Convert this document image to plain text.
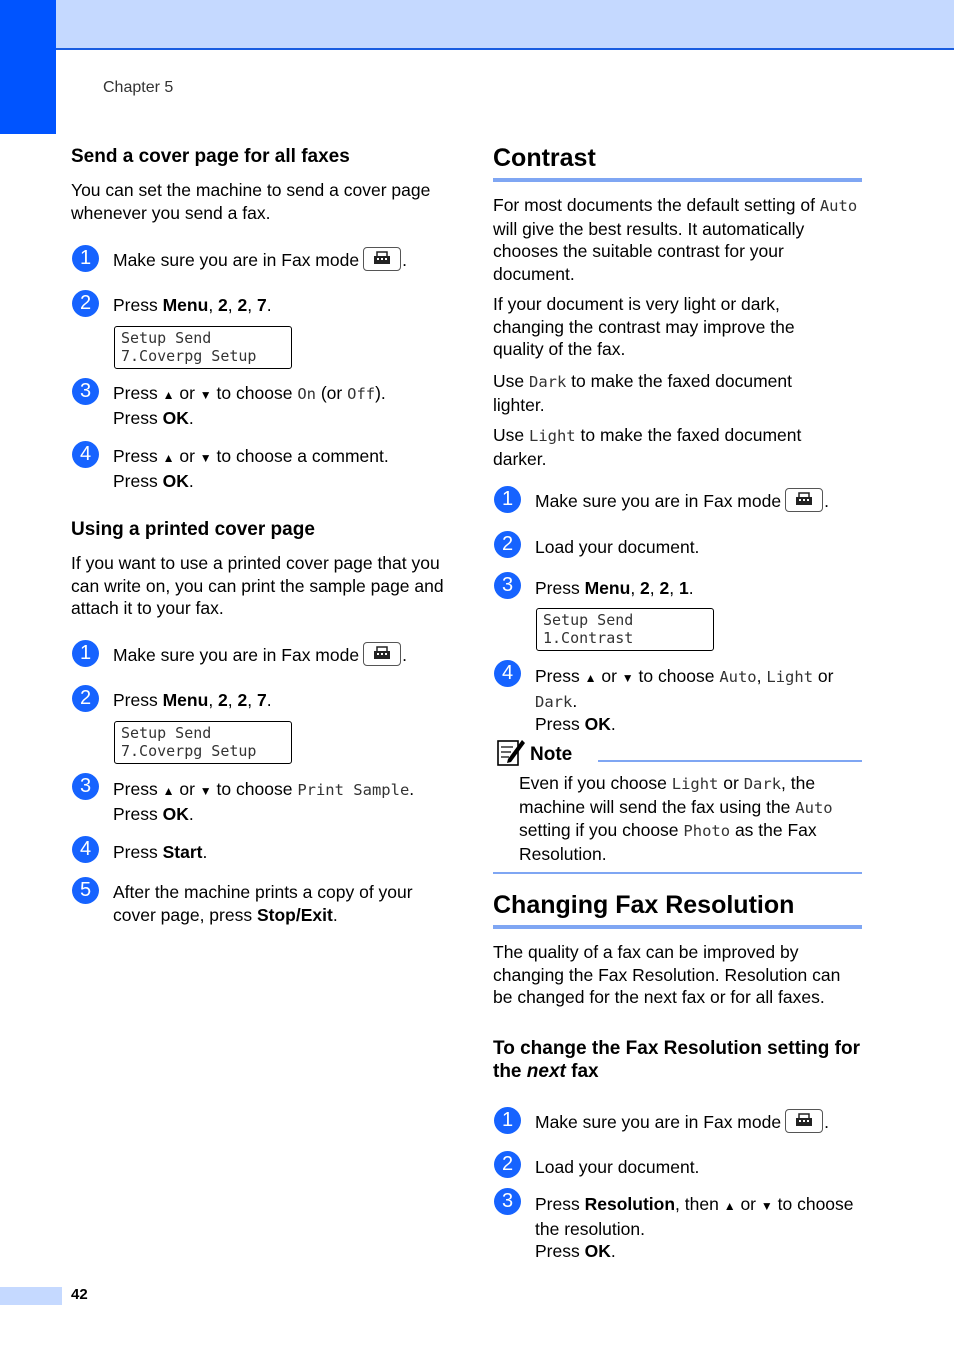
Chapter 5
42
Send a cover page for all faxes
You can set the machine to send a cover page whenever you send a fax.
1	Make sure you are in Fax mode .
2	Press Menu, 2, 2, 7.
Setup Send
7.Coverpg Setup
3	Press ▲ or ▼ to choose On (or Off).
Press OK.
4	Press ▲ or ▼ to choose a comment.
Press OK.
Using a printed cover page
If you want to use a printed cover page that you can write on, you can print the sample page and attach it to your fax.
1	Make sure you are in Fax mode .
2	Press Menu, 2, 2, 7.
Setup Send
7.Coverpg Setup
3	Press ▲ or ▼ to choose Print Sample.
Press OK.
4	Press Start.
5	After the machine prints a copy of your cover page, press Stop/Exit.
Contrast
For most documents the default setting of Auto will give the best results. It automatically chooses the suitable contrast for your document.
If your document is very light or dark, changing the contrast may improve the quality of the fax.
Use Dark to make the faxed document lighter.
Use Light to make the faxed document darker.
1	Make sure you are in Fax mode .
2	Load your document.
3	Press Menu, 2, 2, 1.
Setup Send
1.Contrast
4	Press ▲ or ▼ to choose Auto, Light or Dark.
Press OK.
Note
Even if you choose Light or Dark, the machine will send the fax using the Auto setting if you choose Photo as the Fax Resolution.
Changing Fax Resolution
The quality of a fax can be improved by changing the Fax Resolution. Resolution can be changed for the next fax or for all faxes.
To change the Fax Resolution setting for the next fax
1	Make sure you are in Fax mode .
2	Load your document.
3	Press Resolution, then ▲ or ▼ to choose the resolution.
Press OK.
